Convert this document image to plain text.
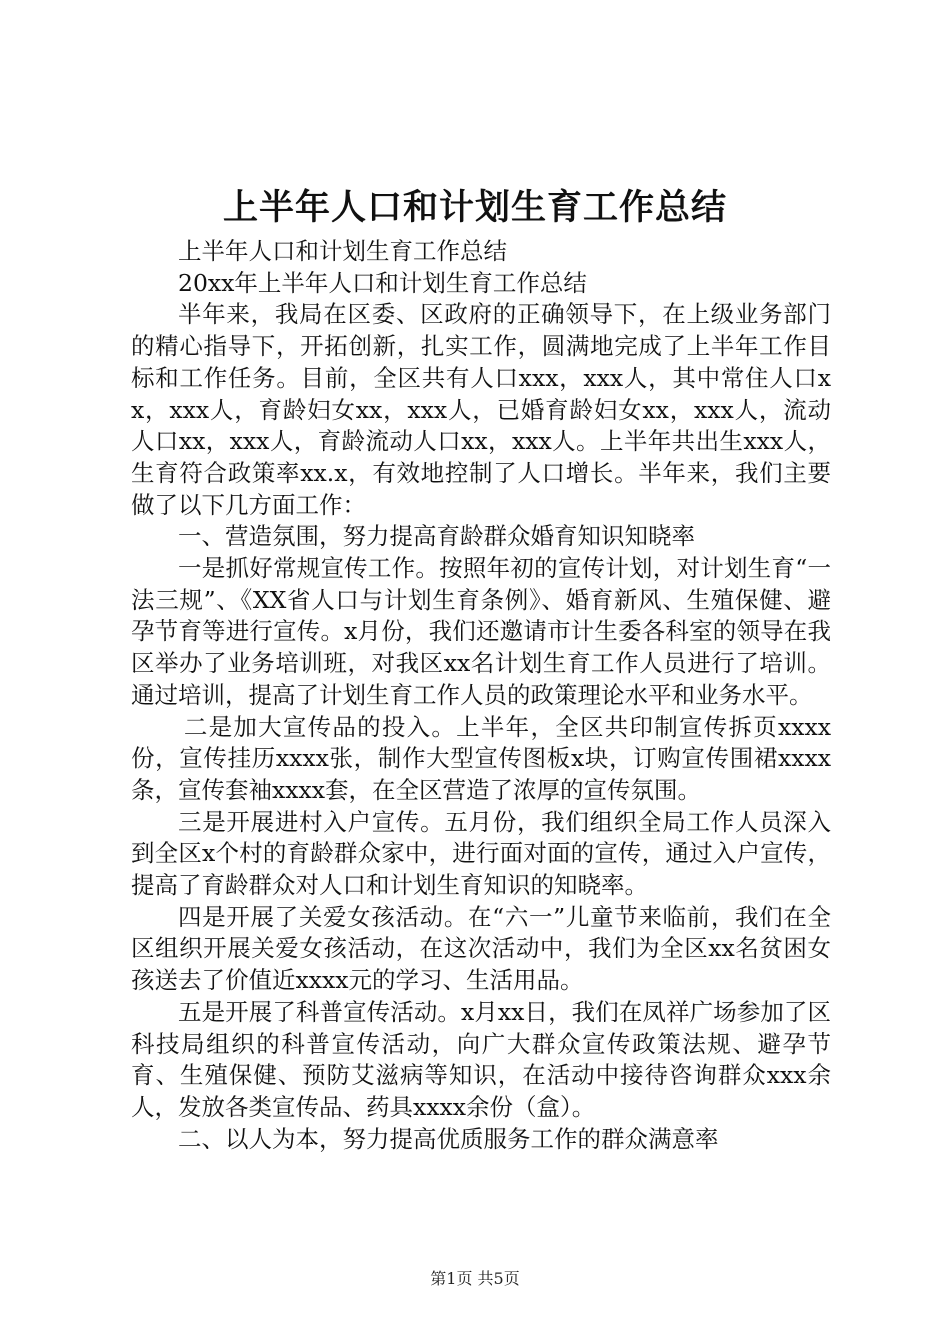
上半年人口和计划生育工作总结

上半年人口和计划生育工作总结

20xx年上半年人口和计划生育工作总结

半年来，我局在区委、区政府的正确领导下，在上级业务部门的精心指导下，开拓创新，扎实工作，圆满地完成了上半年工作目标和工作任务。目前，全区共有人口xxx，xxx人，其中常住人口xx，xxx人，育龄妇女xx，xxx人，已婚育龄妇女xx，xxx人，流动人口xx，xxx人，育龄流动人口xx，xxx人。上半年共出生xxx人，生育符合政策率xx.x，有效地控制了人口增长。半年来，我们主要做了以下几方面工作：

一、营造氛围，努力提高育龄群众婚育知识知晓率

一是抓好常规宣传工作。按照年初的宣传计划，对计划生育“一法三规”、《XX省人口与计划生育条例》、婚育新风、生殖保健、避孕节育等进行宣传。x月份，我们还邀请市计生委各科室的领导在我区举办了业务培训班，对我区xx名计划生育工作人员进行了培训。通过培训，提高了计划生育工作人员的政策理论水平和业务水平。

二是加大宣传品的投入。上半年，全区共印制宣传拆页xxxx份，宣传挂历xxxx张，制作大型宣传图板x块，订购宣传围裙xxxx条，宣传套袖xxxx套，在全区营造了浓厚的宣传氛围。

三是开展进村入户宣传。五月份，我们组织全局工作人员深入到全区x个村的育龄群众家中，进行面对面的宣传，通过入户宣传，提高了育龄群众对人口和计划生育知识的知晓率。

四是开展了关爱女孩活动。在“六一”儿童节来临前，我们在全区组织开展关爱女孩活动，在这次活动中，我们为全区xx名贫困女孩送去了价值近xxxx元的学习、生活用品。

五是开展了科普宣传活动。x月xx日，我们在凤祥广场参加了区科技局组织的科普宣传活动，向广大群众宣传政策法规、避孕节育、生殖保健、预防艾滋病等知识，在活动中接待咨询群众xxx余人，发放各类宣传品、药具xxxx余份（盒）。

二、以人为本，努力提高优质服务工作的群众满意率

第1页 共5页
